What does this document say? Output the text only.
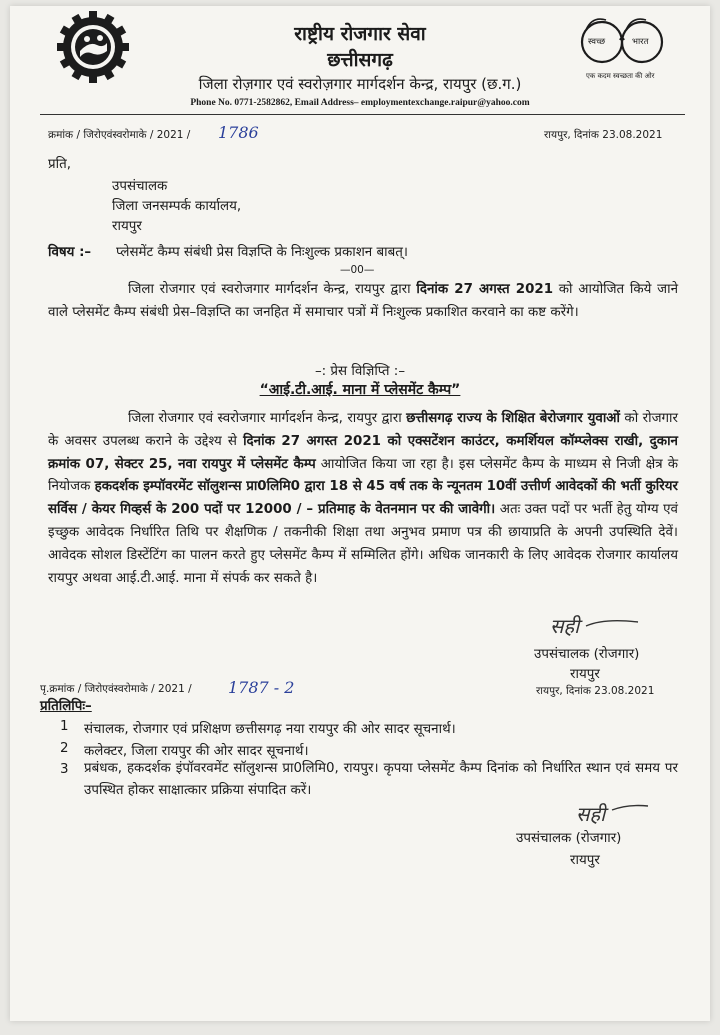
राष्ट्रीय रोजगार सेवा
छत्तीसगढ़
जिला रोज़गार एवं स्वरोज़गार मार्गदर्शन केन्द्र, रायपुर (छ.ग.)
Phone No. 0771-2582862, Email Address– employmentexchange.raipur@yahoo.com
स्वच्छ	भारत
एक कदम स्वच्छता की ओर
क्रमांक / जिरोएवंस्वरोमाके / 2021 / 1786	रायपुर, दिनांक 23.08.2021
प्रति,
उपसंचालक
जिला जनसम्पर्क कार्यालय,
रायपुर
विषय :– प्लेसमेंट कैम्प संबंधी प्रेस विज्ञप्ति के निःशुल्क प्रकाशन बाबत्।
—00—
जिला रोजगार एवं स्वरोजगार मार्गदर्शन केन्द्र, रायपुर द्वारा दिनांक 27 अगस्त 2021 को आयोजित किये जाने वाले प्लेसमेंट कैम्प संबंधी प्रेस–विज्ञप्ति का जनहित में समाचार पत्रों में निःशुल्क प्रकाशित करवाने का कष्ट करेंगे।
–: प्रेस विज्ञिप्ति :–
“आई.टी.आई. माना में प्लेसमेंट कैम्प”
जिला रोजगार एवं स्वरोजगार मार्गदर्शन केन्द्र, रायपुर द्वारा छत्तीसगढ़ राज्य के शिक्षित बेरोजगार युवाओं को रोजगार के अवसर उपलब्ध कराने के उद्देश्य से दिनांक 27 अगस्त 2021 को एक्सटेंशन काउंटर, कमर्शियल कॉम्प्लेक्स राखी, दुकान क्रमांक 07, सेक्टर 25, नवा रायपुर में प्लेसमेंट कैम्प आयोजित किया जा रहा है। इस प्लेसमेंट कैम्प के माध्यम से निजी क्षेत्र के नियोजक हकदर्शक इम्पॉवरमेंट सॉलुशन्स प्रा0लिमि0 द्वारा 18 से 45 वर्ष तक के न्यूनतम 10वीं उत्तीर्ण आवेदकों की भर्ती कुरियर सर्विस / केयर गिव्हर्स के 200 पदों पर 12000 / – प्रतिमाह के वेतनमान पर की जावेगी। अतः उक्त पदों पर भर्ती हेतु योग्य एवं इच्छुक आवेदक निर्धारित तिथि पर शैक्षणिक / तकनीकी शिक्षा तथा अनुभव प्रमाण पत्र की छायाप्रति के अपनी उपस्थिति देवें। आवेदक सोशल डिस्टेंटिंग का पालन करते हुए प्लेसमेंट कैम्प में सम्मिलित होंगे। अधिक जानकारी के लिए आवेदक रोजगार कार्यालय रायपुर अथवा आई.टी.आई. माना में संपर्क कर सकते है।
सही
उपसंचालक (रोजगार)
रायपुर
पृ.क्रमांक / जिरोएवंस्वरोमाके / 2021 / 1787 - 2	रायपुर, दिनांक 23.08.2021
प्रतिलिपिः–
1 संचालक, रोजगार एवं प्रशिक्षण छत्तीसगढ़ नया रायपुर की ओर सादर सूचनार्थ।
2 कलेक्टर, जिला रायपुर की ओर सादर सूचनार्थ।
3 प्रबंधक, हकदर्शक इंपॉवरवमेंट सॉलुशन्स प्रा0लिमि0, रायपुर। कृपया प्लेसमेंट कैम्प दिनांक को निर्धारित स्थान एवं समय पर उपस्थित होकर साक्षात्कार प्रक्रिया संपादित करें।
सही
उपसंचालक (रोजगार)
रायपुर
